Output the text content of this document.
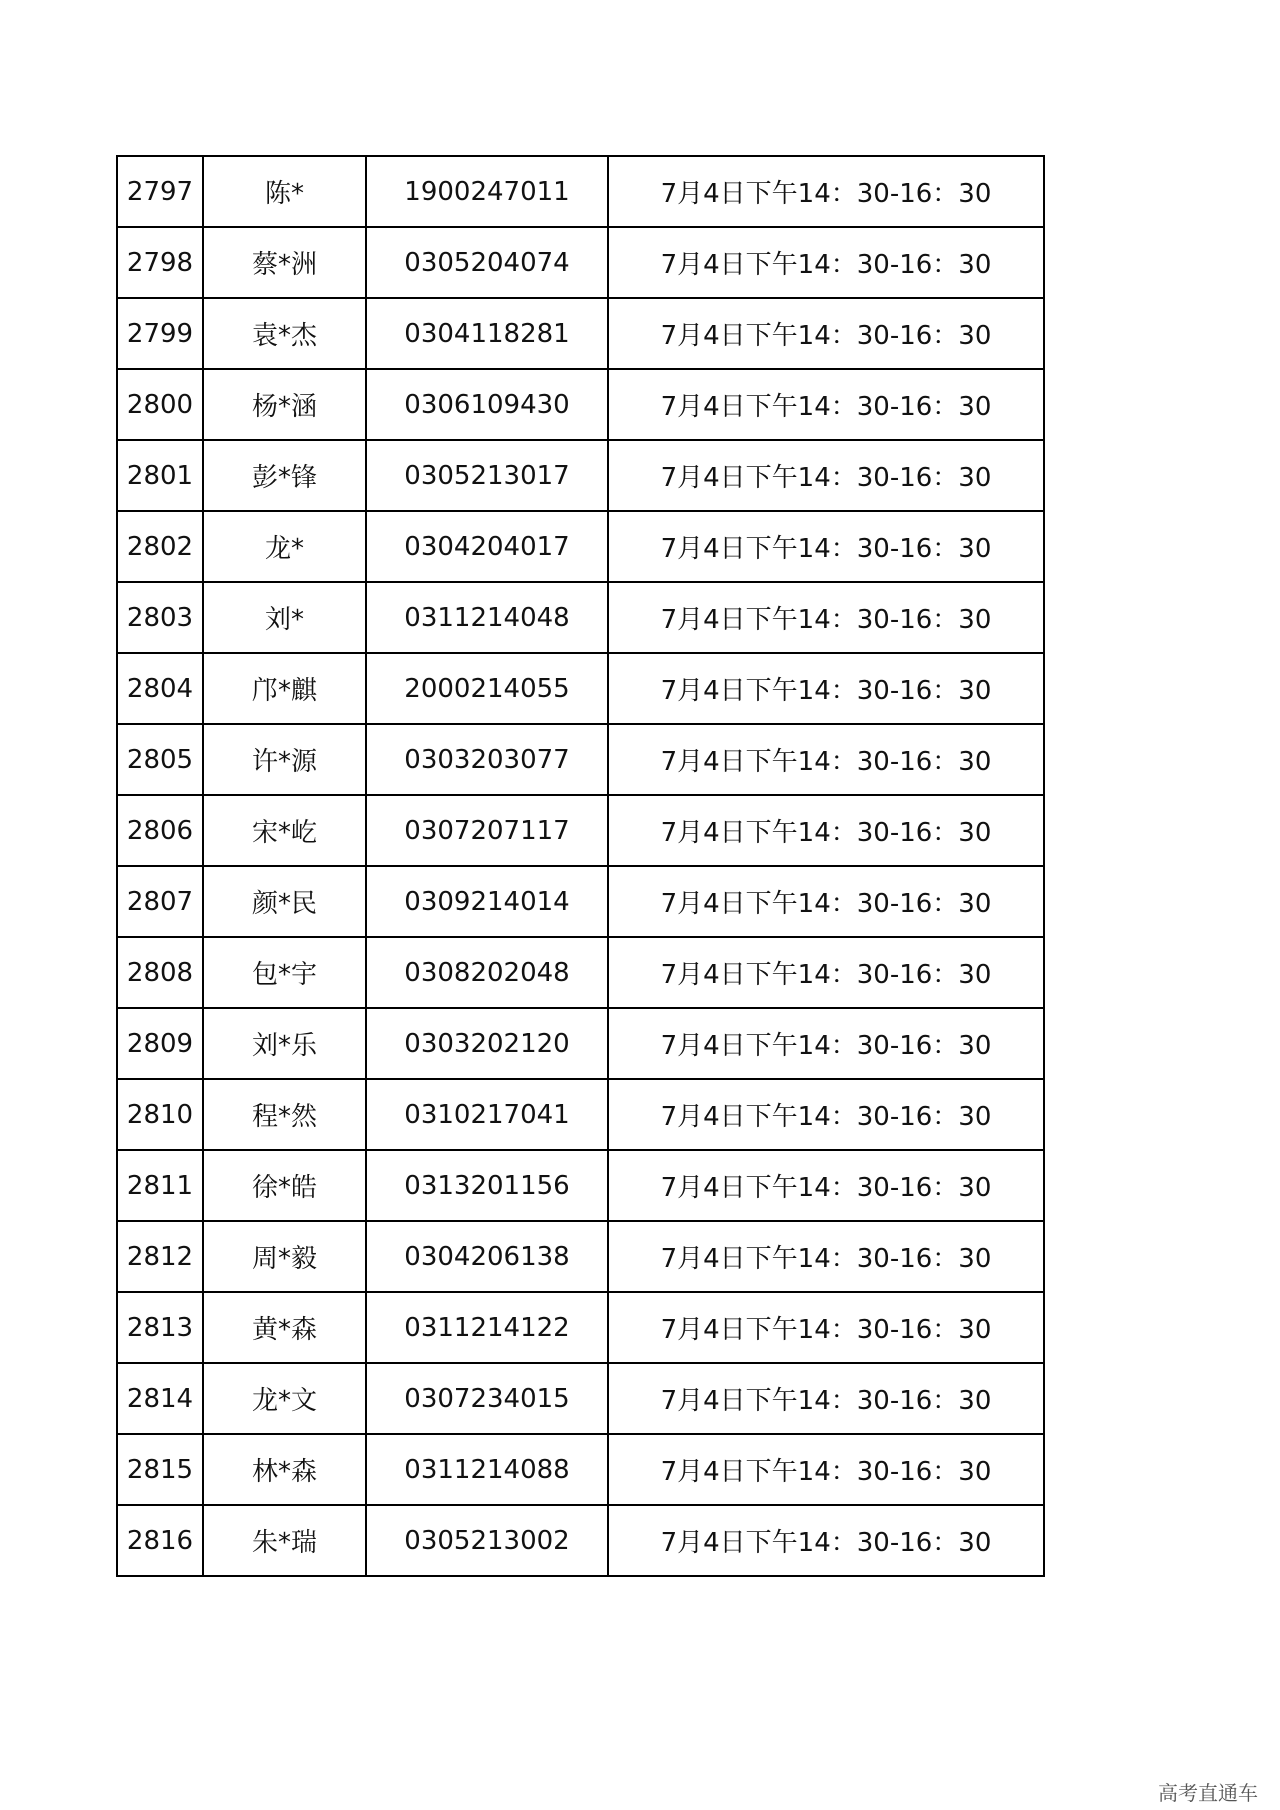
2797	陈*	1900247011	7月4日下午14：30-16：30
2798	蔡*洲	0305204074	7月4日下午14：30-16：30
2799	袁*杰	0304118281	7月4日下午14：30-16：30
2800	杨*涵	0306109430	7月4日下午14：30-16：30
2801	彭*锋	0305213017	7月4日下午14：30-16：30
2802	龙*	0304204017	7月4日下午14：30-16：30
2803	刘*	0311214048	7月4日下午14：30-16：30
2804	邝*麒	2000214055	7月4日下午14：30-16：30
2805	许*源	0303203077	7月4日下午14：30-16：30
2806	宋*屹	0307207117	7月4日下午14：30-16：30
2807	颜*民	0309214014	7月4日下午14：30-16：30
2808	包*宇	0308202048	7月4日下午14：30-16：30
2809	刘*乐	0303202120	7月4日下午14：30-16：30
2810	程*然	0310217041	7月4日下午14：30-16：30
2811	徐*皓	0313201156	7月4日下午14：30-16：30
2812	周*毅	0304206138	7月4日下午14：30-16：30
2813	黄*森	0311214122	7月4日下午14：30-16：30
2814	龙*文	0307234015	7月4日下午14：30-16：30
2815	林*森	0311214088	7月4日下午14：30-16：30
2816	朱*瑞	0305213002	7月4日下午14：30-16：30
高考直通车
